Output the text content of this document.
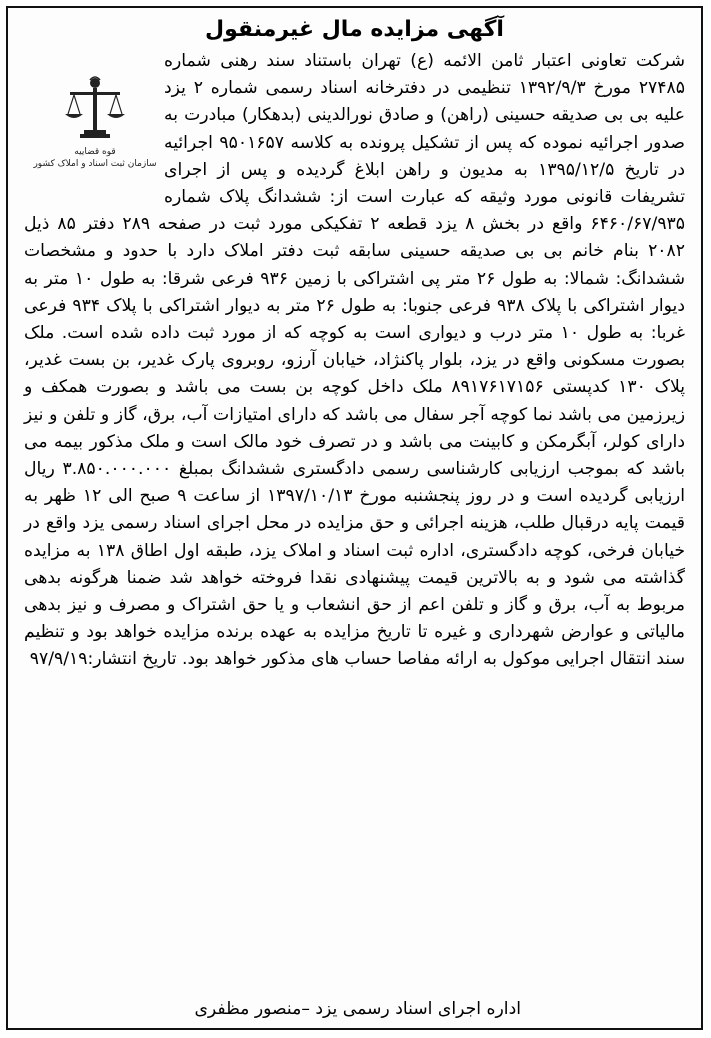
آگهی مزایده مال غیرمنقول
قوه قضاییه
سازمان ثبت اسناد و املاک کشور
شرکت تعاونی اعتبار ثامن الائمه (ع) تهران باستناد سند رهنی شماره ۲۷۴۸۵ مورخ ۱۳۹۲/۹/۳ تنظیمی در دفترخانه اسناد رسمی شماره ۲ یزد علیه بی بی صدیقه حسینی (راهن) و صادق نورالدینی (بدهکار) مبادرت به صدور اجرائیه نموده که پس از تشکیل پرونده به کلاسه ۹۵۰۱۶۵۷ اجرائیه در تاریخ ۱۳۹۵/۱۲/۵ به مدیون و راهن ابلاغ گردیده و پس از اجرای تشریفات قانونی مورد وثیقه که عبارت است از: ششدانگ پلاک شماره ۶۴۶۰/۶۷/۹۳۵ واقع در بخش ۸ یزد قطعه ۲ تفکیکی مورد ثبت در صفحه ۲۸۹ دفتر ۸۵ ذیل ۲۰۸۲ بنام خانم بی بی صدیقه حسینی سابقه ثبت دفتر املاک دارد با حدود و مشخصات ششدانگ: شمالا: به طول ۲۶ متر پی اشتراکی با زمین ۹۳۶ فرعی شرقا: به طول ۱۰ متر به دیوار اشتراکی با پلاک ۹۳۸ فرعی جنوبا: به طول ۲۶ متر به دیوار اشتراکی با پلاک ۹۳۴ فرعی غربا: به طول ۱۰ متر درب و دیواری است به کوچه که از مورد ثبت داده شده است. ملک بصورت مسکونی واقع در یزد، بلوار پاکنژاد، خیابان آرزو، روبروی پارک غدیر، بن بست غدیر، پلاک ۱۳۰ کدپستی ۸۹۱۷۶۱۷۱۵۶ ملک داخل کوچه بن بست می باشد و بصورت همکف و زیرزمین می باشد نما کوچه آجر سفال می باشد که دارای امتیازات آب، برق، گاز و تلفن و نیز دارای کولر، آبگرمکن و کابینت می باشد و در تصرف خود مالک است و ملک مذکور بیمه می باشد که بموجب ارزیابی کارشناسی رسمی دادگستری ششدانگ بمبلغ ۳.۸۵۰.۰۰۰.۰۰۰ ریال ارزیابی گردیده است و در روز پنجشنبه مورخ ۱۳۹۷/۱۰/۱۳ از ساعت ۹ صبح الی ۱۲ ظهر به قیمت پایه درقبال طلب، هزینه اجرائی و حق مزایده در محل اجرای اسناد رسمی یزد واقع در خیابان فرخی، کوچه دادگستری، اداره ثبت اسناد و املاک یزد، طبقه اول اطاق ۱۳۸ به مزایده گذاشته می شود و به بالاترین قیمت پیشنهادی نقدا فروخته خواهد شد ضمنا هرگونه بدهی مربوط به آب، برق و گاز و تلفن اعم از حق انشعاب و یا حق اشتراک و مصرف و نیز بدهی مالیاتی و عوارض شهرداری و غیره تا تاریخ مزایده به عهده برنده مزایده خواهد بود و تنظیم سند انتقال اجرایی موکول به ارائه مفاصا حساب های مذکور خواهد بود. تاریخ انتشار:۹۷/۹/۱۹
اداره اجرای اسناد رسمی یزد –منصور مظفری
